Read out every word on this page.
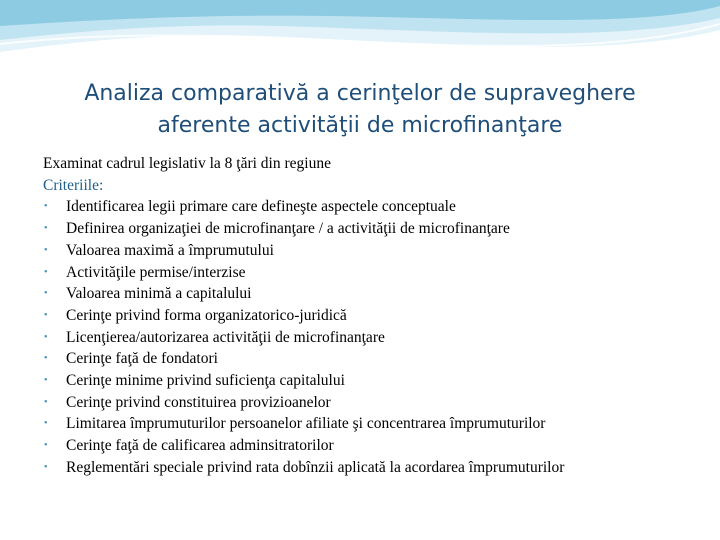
Analiza comparativă a cerinţelor de supraveghere
aferente activităţii de microfinanţare

Examinat cadrul legislativ la 8 ţări din regiune

Criteriile:

• Identificarea legii primare care defineşte aspectele conceptuale
• Definirea organizaţiei de microfinanţare / a activităţii de microfinanţare
• Valoarea maximă a împrumutului
• Activităţile permise/interzise
• Valoarea minimă a capitalului
• Cerinţe privind forma organizatorico-juridică
• Licenţierea/autorizarea activităţii de microfinanţare
• Cerinţe faţă de fondatori
• Cerinţe minime privind suficienţa capitalului
• Cerinţe privind constituirea provizioanelor
• Limitarea împrumuturilor persoanelor afiliate şi concentrarea împrumuturilor
• Cerinţe faţă de calificarea adminsitratorilor
• Reglementări speciale privind rata dobînzii aplicată la acordarea împrumuturilor
